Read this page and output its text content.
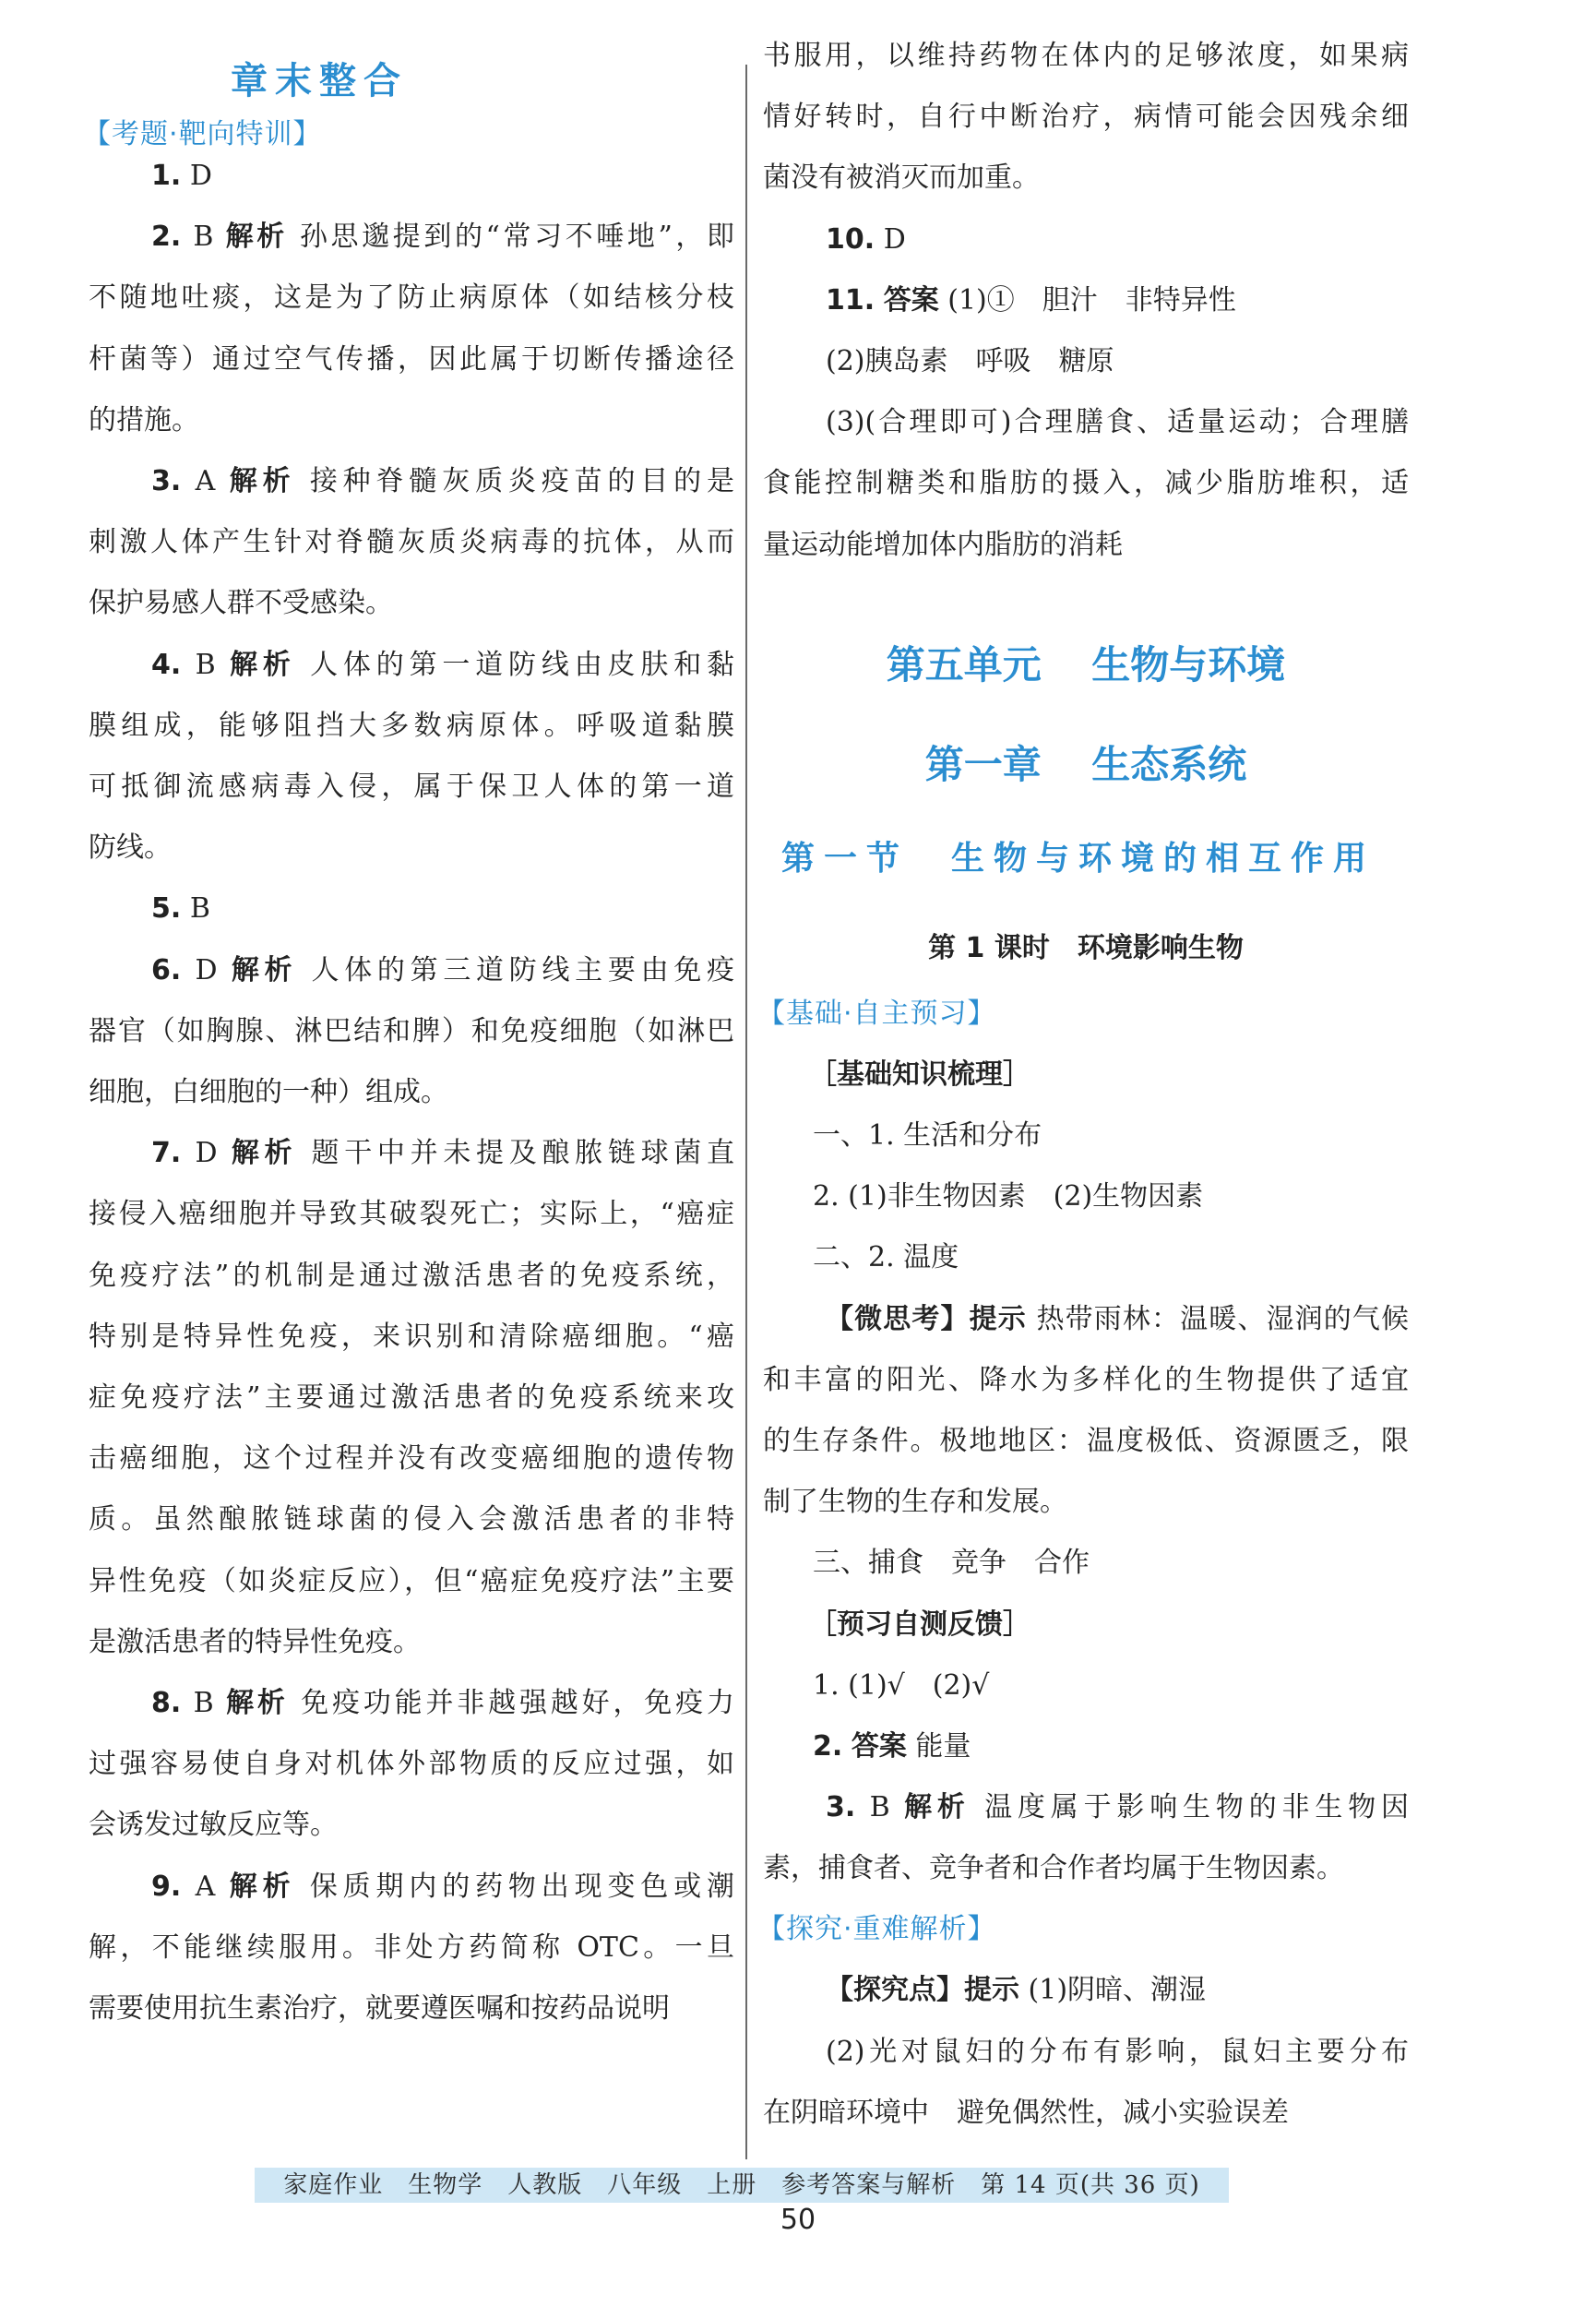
章末整合
【考题·靶向特训】
1. D
2. B 解析 孙思邈提到的“常习不唾地”，即
不随地吐痰，这是为了防止病原体（如结核分枝
杆菌等）通过空气传播，因此属于切断传播途径
的措施。
3. A 解析 接种脊髓灰质炎疫苗的目的是
刺激人体产生针对脊髓灰质炎病毒的抗体，从而
保护易感人群不受感染。
4. B 解析 人体的第一道防线由皮肤和黏
膜组成，能够阻挡大多数病原体。呼吸道黏膜
可抵御流感病毒入侵，属于保卫人体的第一道
防线。
5. B
6. D 解析 人体的第三道防线主要由免疫
器官（如胸腺、淋巴结和脾）和免疫细胞（如淋巴
细胞，白细胞的一种）组成。
7. D 解析 题干中并未提及酿脓链球菌直
接侵入癌细胞并导致其破裂死亡；实际上，“癌症
免疫疗法”的机制是通过激活患者的免疫系统，
特别是特异性免疫，来识别和清除癌细胞。“癌
症免疫疗法”主要通过激活患者的免疫系统来攻
击癌细胞，这个过程并没有改变癌细胞的遗传物
质。虽然酿脓链球菌的侵入会激活患者的非特
异性免疫（如炎症反应），但“癌症免疫疗法”主要
是激活患者的特异性免疫。
8. B 解析 免疫功能并非越强越好，免疫力
过强容易使自身对机体外部物质的反应过强，如
会诱发过敏反应等。
9. A 解析 保质期内的药物出现变色或潮
解，不能继续服用。非处方药简称 OTC。一旦
需要使用抗生素治疗，就要遵医嘱和按药品说明
书服用，以维持药物在体内的足够浓度，如果病
情好转时，自行中断治疗，病情可能会因残余细
菌没有被消灭而加重。
10. D
11. 答案 (1)①　胆汁　非特异性
(2)胰岛素　呼吸　糖原
(3)(合理即可)合理膳食、适量运动；合理膳
食能控制糖类和脂肪的摄入，减少脂肪堆积，适
量运动能增加体内脂肪的消耗
第五单元 生物与环境
第一章 生态系统
第一节　生物与环境的相互作用
第 1 课时　环境影响生物
【基础·自主预习】
［基础知识梳理］
一、1. 生活和分布
2. (1)非生物因素　(2)生物因素
二、2. 温度
【微思考】提示 热带雨林：温暖、湿润的气候
和丰富的阳光、降水为多样化的生物提供了适宜
的生存条件。极地地区：温度极低、资源匮乏，限
制了生物的生存和发展。
三、捕食　竞争　合作
［预习自测反馈］
1. (1)√　(2)√
2. 答案 能量
3. B 解析 温度属于影响生物的非生物因
素，捕食者、竞争者和合作者均属于生物因素。
【探究·重难解析】
【探究点】提示 (1)阴暗、潮湿
(2)光对鼠妇的分布有影响，鼠妇主要分布
在阴暗环境中　避免偶然性，减小实验误差
家庭作业　生物学　人教版　八年级　上册　参考答案与解析　第 14 页(共 36 页)
50
